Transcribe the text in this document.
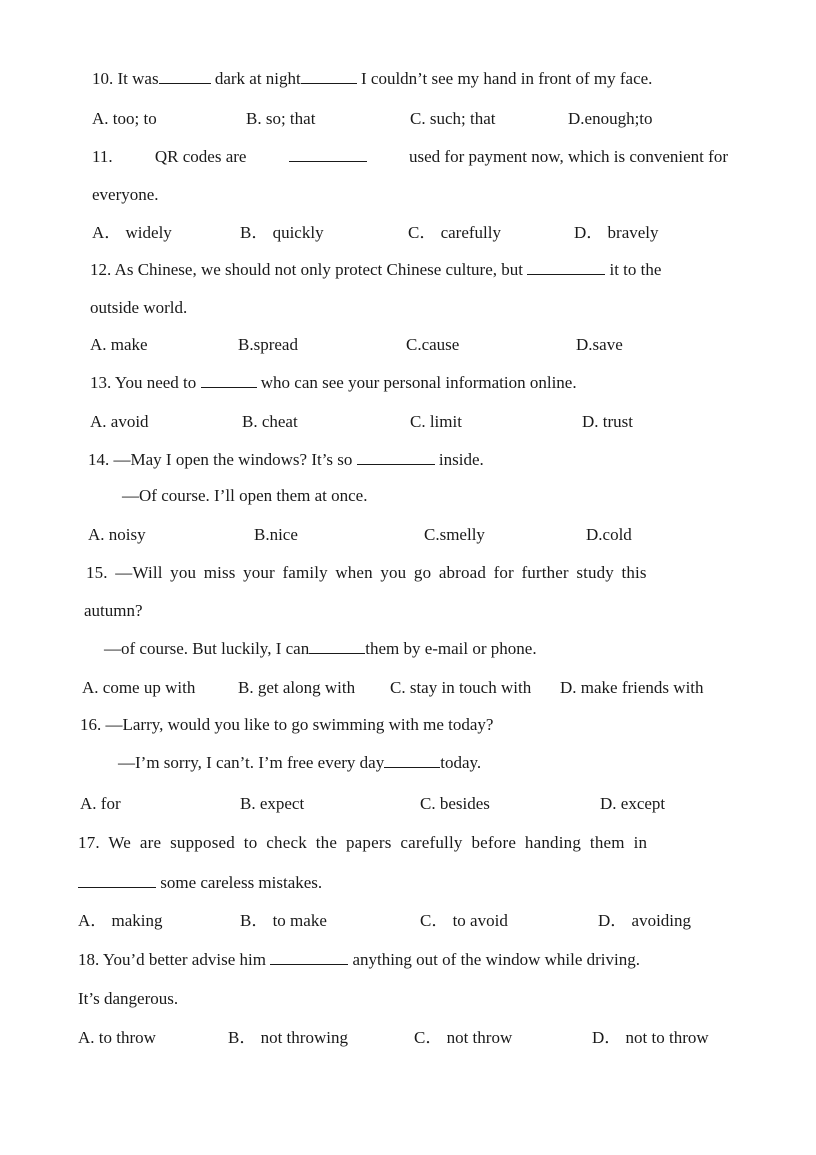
10. It was	dark at night	I couldn’t see my hand in front of my face.
A. too; to	B. so; that	C. such; that	D.enough;to
11. QR codes are	used for payment now, which is convenient for
everyone.
A． widely	B． quickly	C． carefully	D． bravely
12. As Chinese, we should not only protect Chinese culture, but	it to the
outside world.
A. make	B.spread	C.cause	D.save
13. You need to	who can see your personal information online.
A. avoid	B. cheat	C. limit	D. trust
14. —May I open the windows? It’s so	inside.
—Of course. I’ll open them at once.
A. noisy	B.nice	C.smelly	D.cold
15. —Will you miss your family when you go abroad for further study this
autumn?
—of course. But luckily, I can	them by e-mail or phone.
A. come up with	B. get along with C. stay in touch with D. make friends with
16. —Larry, would you like to go swimming with me today?
—I’m sorry, I can’t. I’m free every day	today.
A. for	B. expect	C. besides	D. except
17. We are supposed to check the papers carefully before handing them in
some careless mistakes.
A． making	B． to make	C． to avoid	D． avoiding
18. You’d better advise him	anything out of the window while driving.
It’s dangerous.
A. to throw	B． not throwing	C． not throw	D． not to throw
